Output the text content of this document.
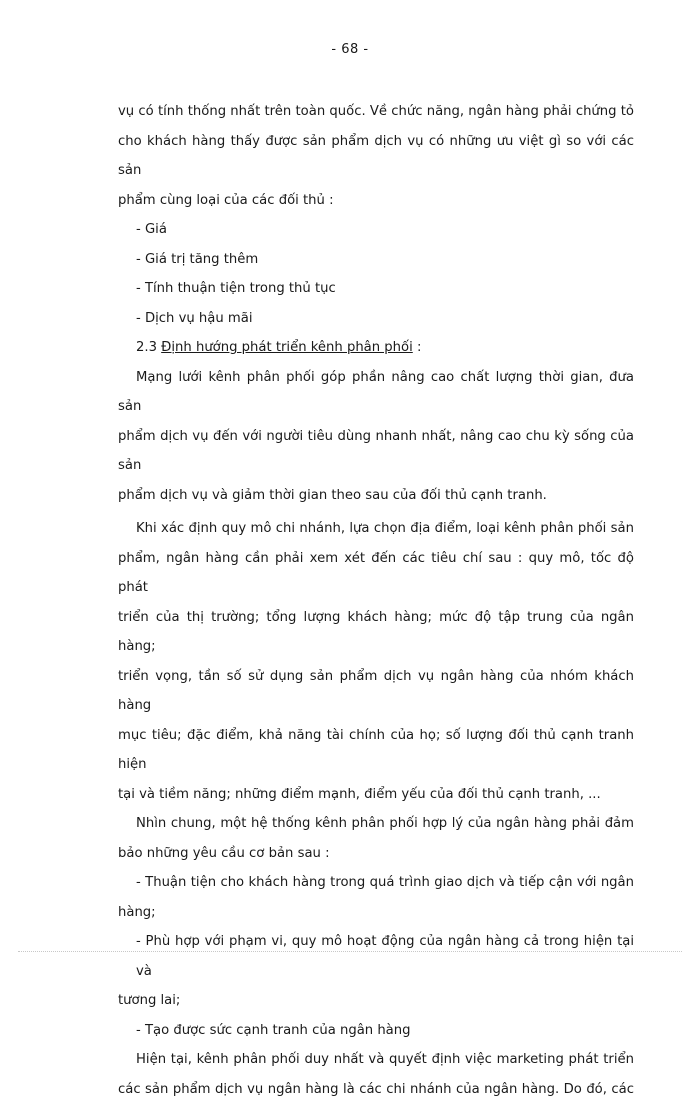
- 68 -

vụ có tính thống nhất trên toàn quốc. Về chức năng, ngân hàng phải chứng tỏ

cho khách hàng thấy được sản phẩm dịch vụ có những ưu việt gì so với các sản

phẩm cùng loại của các đối thủ :

- Giá

- Giá trị tăng thêm

- Tính thuận tiện trong thủ tục

- Dịch vụ hậu mãi

2.3 Định hướng phát triển kênh phân phối :

Mạng lưới kênh phân phối góp phần nâng cao chất lượng thời gian, đưa sản

phẩm dịch vụ đến với người tiêu dùng nhanh nhất, nâng cao chu kỳ sống của sản

phẩm dịch vụ và giảm thời gian theo sau của đối thủ cạnh tranh.

Khi xác định quy mô chi nhánh, lựa chọn địa điểm, loại kênh phân phối sản

phẩm, ngân hàng cần phải xem xét đến các tiêu chí sau : quy mô, tốc độ phát

triển của thị trường; tổng lượng khách hàng; mức độ tập trung của ngân hàng;

triển vọng, tần số sử dụng sản phẩm dịch vụ ngân hàng của nhóm khách hàng

mục tiêu; đặc điểm, khả năng tài chính của họ; số lượng đối thủ cạnh tranh hiện

tại và tiềm năng; những điểm mạnh, điểm yếu của đối thủ cạnh tranh, ...

Nhìn chung, một hệ thống kênh phân phối hợp lý của ngân hàng phải đảm

bảo những yêu cầu cơ bản sau :

- Thuận tiện cho khách hàng trong quá trình giao dịch và tiếp cận với ngân

hàng;

- Phù hợp với phạm vi, quy mô hoạt động của ngân hàng cả trong hiện tại và

tương lai;

- Tạo được sức cạnh tranh của ngân hàng

Hiện tại, kênh phân phối duy nhất và quyết định việc marketing phát triển

các sản phẩm dịch vụ ngân hàng là các chi nhánh của ngân hàng. Do đó, các
